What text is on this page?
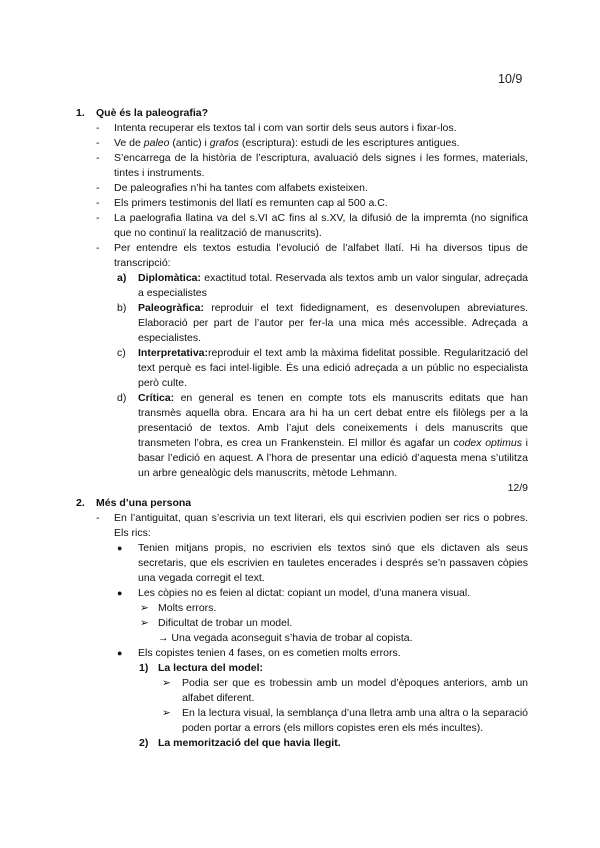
10/9
1. Què és la paleografia?
- Intenta recuperar els textos tal i com van sortir dels seus autors i fixar-los.
- Ve de paleo (antic) i grafos (escriptura): estudi de les escriptures antigues.
- S’encarrega de la història de l’escriptura, avaluació dels signes i les formes, materials, tintes i instruments.
- De paleografies n’hi ha tantes com alfabets existeixen.
- Els primers testimonis del llatí es remunten cap al 500 a.C.
- La paelografia llatina va del s.VI aC fins al s.XV, la difusió de la impremta (no significa que no continuï la realització de manuscrits).
- Per entendre els textos estudia l’evolució de l’alfabet llatí. Hi ha diversos tipus de transcripció:
a) Diplomàtica: exactitud total. Reservada als textos amb un valor singular, adreçada a especialistes
b) Paleogràfica: reproduir el text fidedignament, es desenvolupen abreviatures. Elaboració per part de l’autor per fer-la una mica més accessible. Adreçada a especialistes.
c) Interpretativa:reproduir el text amb la màxima fidelitat possible. Regularització del text perquè es faci intel·ligible. És una edició adreçada a un públic no especialista però culte.
d) Crítica: en general es tenen en compte tots els manuscrits editats que han transmès aquella obra. Encara ara hi ha un cert debat entre els filòlegs per a la presentació de textos. Amb l’ajut dels coneixements i dels manuscrits que transmeten l’obra, es crea un Frankenstein. El millor és agafar un codex optimus i basar l’edició en aquest. A l’hora de presentar una edició d’aquesta mena s’utilitza un arbre genealògic dels manuscrits, mètode Lehmann.
12/9
2. Més d’una persona
- En l’antiguitat, quan s’escrivia un text literari, els qui escrivien podien ser rics o pobres. Els rics:
● Tenien mitjans propis, no escrivien els textos sinó que els dictaven als seus secretaris, que els escrivien en tauletes encerades i després se’n passaven còpies una vegada corregit el text.
● Les còpies no es feien al dictat: copiant un model, d’una manera visual.
➢ Molts errors.
➢ Dificultat de trobar un model.
→ Una vegada aconseguit s’havia de trobar al copista.
● Els copistes tenien 4 fases, on es cometien molts errors.
1) La lectura del model:
➢ Podia ser que es trobessin amb un model d’èpoques anteriors, amb un alfabet diferent.
➢ En la lectura visual, la semblança d’una lletra amb una altra o la separació poden portar a errors (els millors copistes eren els més incultes).
2) La memorització del que havia llegit.
